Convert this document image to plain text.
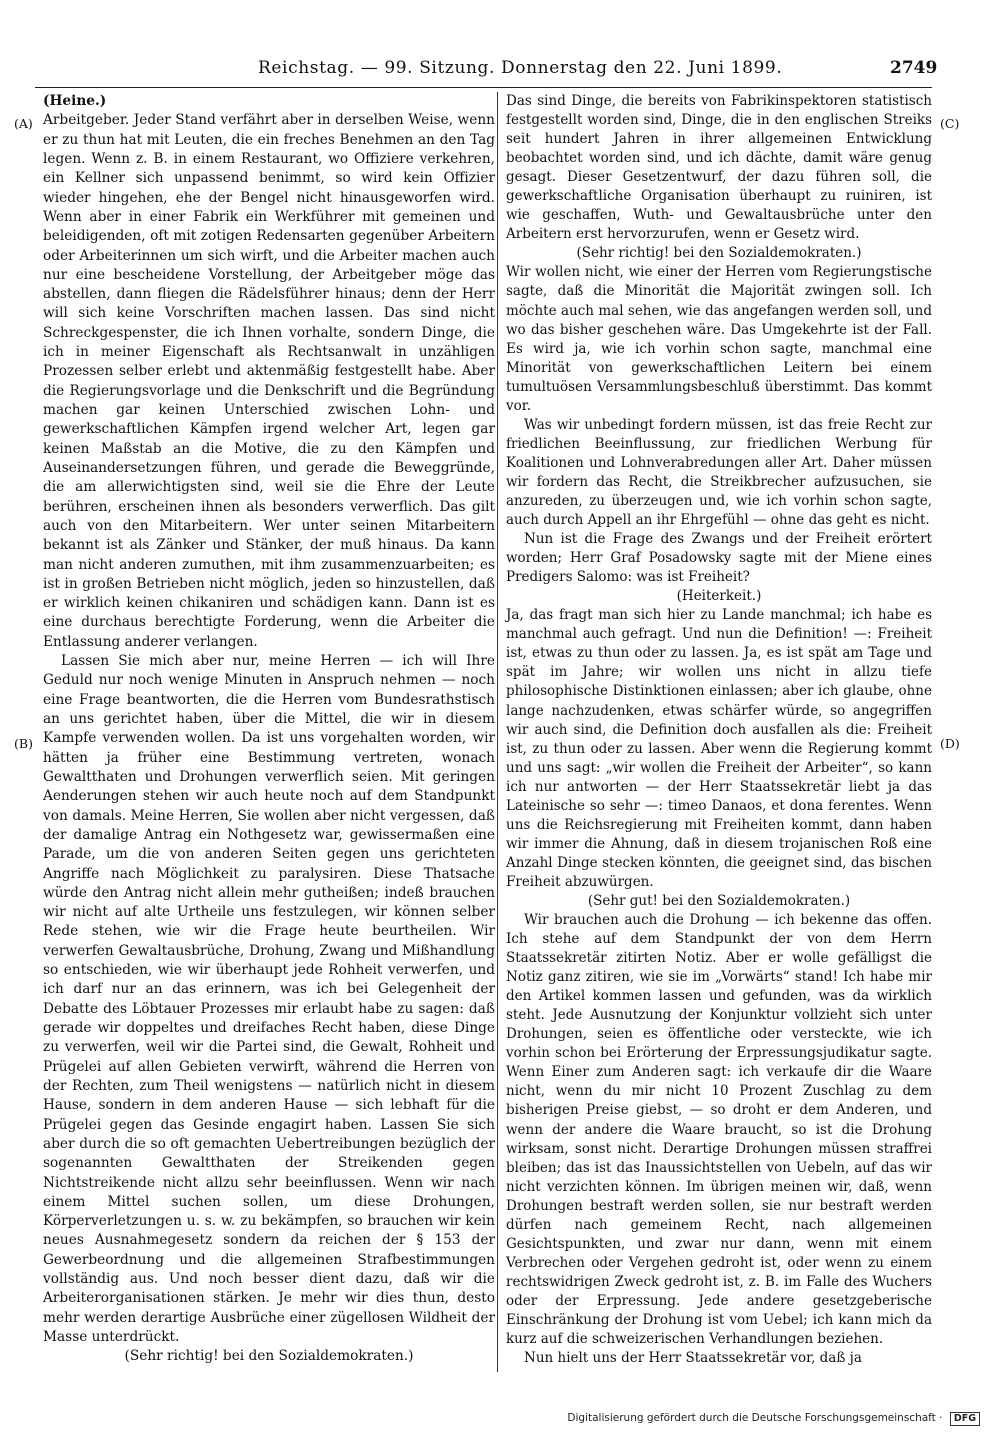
Reichstag. — 99. Sitzung. Donnerstag den 22. Juni 1899.	2749
(A)
(B)
(C)
(D)

(Heine.)

Arbeitgeber. Jeder Stand verfährt aber in derselben Weise, wenn er zu thun hat mit Leuten, die ein freches Benehmen an den Tag legen. Wenn z. B. in einem Restaurant, wo Offiziere verkehren, ein Kellner sich unpassend benimmt, so wird kein Offizier wieder hingehen, ehe der Bengel nicht hinausgeworfen wird. Wenn aber in einer Fabrik ein Werkführer mit gemeinen und beleidigenden, oft mit zotigen Redensarten gegenüber Arbeitern oder Arbeiterinnen um sich wirft, und die Arbeiter machen auch nur eine bescheidene Vorstellung, der Arbeitgeber möge das abstellen, dann fliegen die Rädelsführer hinaus; denn der Herr will sich keine Vorschriften machen lassen. Das sind nicht Schreckgespenster, die ich Ihnen vorhalte, sondern Dinge, die ich in meiner Eigenschaft als Rechtsanwalt in unzähligen Prozessen selber erlebt und aktenmäßig festgestellt habe. Aber die Regierungsvorlage und die Denkschrift und die Begründung machen gar keinen Unterschied zwischen Lohn- und gewerkschaftlichen Kämpfen irgend welcher Art, legen gar keinen Maßstab an die Motive, die zu den Kämpfen und Auseinandersetzungen führen, und gerade die Beweggründe, die am allerwichtigsten sind, weil sie die Ehre der Leute berühren, erscheinen ihnen als besonders verwerflich. Das gilt auch von den Mitarbeitern. Wer unter seinen Mitarbeitern bekannt ist als Zänker und Stänker, der muß hinaus. Da kann man nicht anderen zumuthen, mit ihm zusammenzuarbeiten; es ist in großen Betrieben nicht möglich, jeden so hinzustellen, daß er wirklich keinen chikaniren und schädigen kann. Dann ist es eine durchaus berechtigte Forderung, wenn die Arbeiter die Entlassung anderer verlangen.

Lassen Sie mich aber nur, meine Herren — ich will Ihre Geduld nur noch wenige Minuten in Anspruch nehmen — noch eine Frage beantworten, die die Herren vom Bundesrathstisch an uns gerichtet haben, über die Mittel, die wir in diesem Kampfe verwenden wollen. Da ist uns vorgehalten worden, wir hätten ja früher eine Bestimmung vertreten, wonach Gewaltthaten und Drohungen verwerflich seien. Mit geringen Aenderungen stehen wir auch heute noch auf dem Standpunkt von damals. Meine Herren, Sie wollen aber nicht vergessen, daß der damalige Antrag ein Nothgesetz war, gewissermaßen eine Parade, um die von anderen Seiten gegen uns gerichteten Angriffe nach Möglichkeit zu paralysiren. Diese Thatsache würde den Antrag nicht allein mehr gutheißen; indeß brauchen wir nicht auf alte Urtheile uns festzulegen, wir können selber Rede stehen, wie wir die Frage heute beurtheilen. Wir verwerfen Gewaltausbrüche, Drohung, Zwang und Mißhandlung so entschieden, wie wir überhaupt jede Rohheit verwerfen, und ich darf nur an das erinnern, was ich bei Gelegenheit der Debatte des Löbtauer Prozesses mir erlaubt habe zu sagen: daß gerade wir doppeltes und dreifaches Recht haben, diese Dinge zu verwerfen, weil wir die Partei sind, die Gewalt, Rohheit und Prügelei auf allen Gebieten verwirft, während die Herren von der Rechten, zum Theil wenigstens — natürlich nicht in diesem Hause, sondern in dem anderen Hause — sich lebhaft für die Prügelei gegen das Gesinde engagirt haben. Lassen Sie sich aber durch die so oft gemachten Uebertreibungen bezüglich der sogenannten Gewaltthaten der Streikenden gegen Nichtstreikende nicht allzu sehr beeinflussen. Wenn wir nach einem Mittel suchen sollen, um diese Drohungen, Körperverletzungen u. s. w. zu bekämpfen, so brauchen wir kein neues Ausnahmegesetz sondern da reichen der § 153 der Gewerbeordnung und die allgemeinen Strafbestimmungen vollständig aus. Und noch besser dient dazu, daß wir die Arbeiterorganisationen stärken. Je mehr wir dies thun, desto mehr werden derartige Ausbrüche einer zügellosen Wildheit der Masse unterdrückt.

(Sehr richtig! bei den Sozialdemokraten.)

Das sind Dinge, die bereits von Fabrikinspektoren statistisch festgestellt worden sind, Dinge, die in den englischen Streiks seit hundert Jahren in ihrer allgemeinen Entwicklung beobachtet worden sind, und ich dächte, damit wäre genug gesagt. Dieser Gesetzentwurf, der dazu führen soll, die gewerkschaftliche Organisation überhaupt zu ruiniren, ist wie geschaffen, Wuth- und Gewaltausbrüche unter den Arbeitern erst hervorzurufen, wenn er Gesetz wird.

(Sehr richtig! bei den Sozialdemokraten.)

Wir wollen nicht, wie einer der Herren vom Regierungstische sagte, daß die Minorität die Majorität zwingen soll. Ich möchte auch mal sehen, wie das angefangen werden soll, und wo das bisher geschehen wäre. Das Umgekehrte ist der Fall. Es wird ja, wie ich vorhin schon sagte, manchmal eine Minorität von gewerkschaftlichen Leitern bei einem tumultuösen Versammlungsbeschluß überstimmt. Das kommt vor.

Was wir unbedingt fordern müssen, ist das freie Recht zur friedlichen Beeinflussung, zur friedlichen Werbung für Koalitionen und Lohnverabredungen aller Art. Daher müssen wir fordern das Recht, die Streikbrecher aufzusuchen, sie anzureden, zu überzeugen und, wie ich vorhin schon sagte, auch durch Appell an ihr Ehrgefühl — ohne das geht es nicht.

Nun ist die Frage des Zwangs und der Freiheit erörtert worden; Herr Graf Posadowsky sagte mit der Miene eines Predigers Salomo: was ist Freiheit?

(Heiterkeit.)

Ja, das fragt man sich hier zu Lande manchmal; ich habe es manchmal auch gefragt. Und nun die Definition! —: Freiheit ist, etwas zu thun oder zu lassen. Ja, es ist spät am Tage und spät im Jahre; wir wollen uns nicht in allzu tiefe philosophische Distinktionen einlassen; aber ich glaube, ohne lange nachzudenken, etwas schärfer würde, so angegriffen wir auch sind, die Definition doch ausfallen als die: Freiheit ist, zu thun oder zu lassen. Aber wenn die Regierung kommt und uns sagt: „wir wollen die Freiheit der Arbeiter“, so kann ich nur antworten — der Herr Staatssekretär liebt ja das Lateinische so sehr —: timeo Danaos, et dona ferentes. Wenn uns die Reichsregierung mit Freiheiten kommt, dann haben wir immer die Ahnung, daß in diesem trojanischen Roß eine Anzahl Dinge stecken könnten, die geeignet sind, das bischen Freiheit abzuwürgen.

(Sehr gut! bei den Sozialdemokraten.)

Wir brauchen auch die Drohung — ich bekenne das offen. Ich stehe auf dem Standpunkt der von dem Herrn Staatssekretär zitirten Notiz. Aber er wolle gefälligst die Notiz ganz zitiren, wie sie im „Vorwärts“ stand! Ich habe mir den Artikel kommen lassen und gefunden, was da wirklich steht. Jede Ausnutzung der Konjunktur vollzieht sich unter Drohungen, seien es öffentliche oder versteckte, wie ich vorhin schon bei Erörterung der Erpressungsjudikatur sagte. Wenn Einer zum Anderen sagt: ich verkaufe dir die Waare nicht, wenn du mir nicht 10 Prozent Zuschlag zu dem bisherigen Preise giebst, — so droht er dem Anderen, und wenn der andere die Waare braucht, so ist die Drohung wirksam, sonst nicht. Derartige Drohungen müssen straffrei bleiben; das ist das Inaussichtstellen von Uebeln, auf das wir nicht verzichten können. Im übrigen meinen wir, daß, wenn Drohungen bestraft werden sollen, sie nur bestraft werden dürfen nach gemeinem Recht, nach allgemeinen Gesichtspunkten, und zwar nur dann, wenn mit einem Verbrechen oder Vergehen gedroht ist, oder wenn zu einem rechtswidrigen Zweck gedroht ist, z. B. im Falle des Wuchers oder der Erpressung. Jede andere gesetzgeberische Einschränkung der Drohung ist vom Uebel; ich kann mich da kurz auf die schweizerischen Verhandlungen beziehen.

Nun hielt uns der Herr Staatssekretär vor, daß ja

Digitalisierung gefördert durch die Deutsche Forschungsgemeinschaft · DFG
